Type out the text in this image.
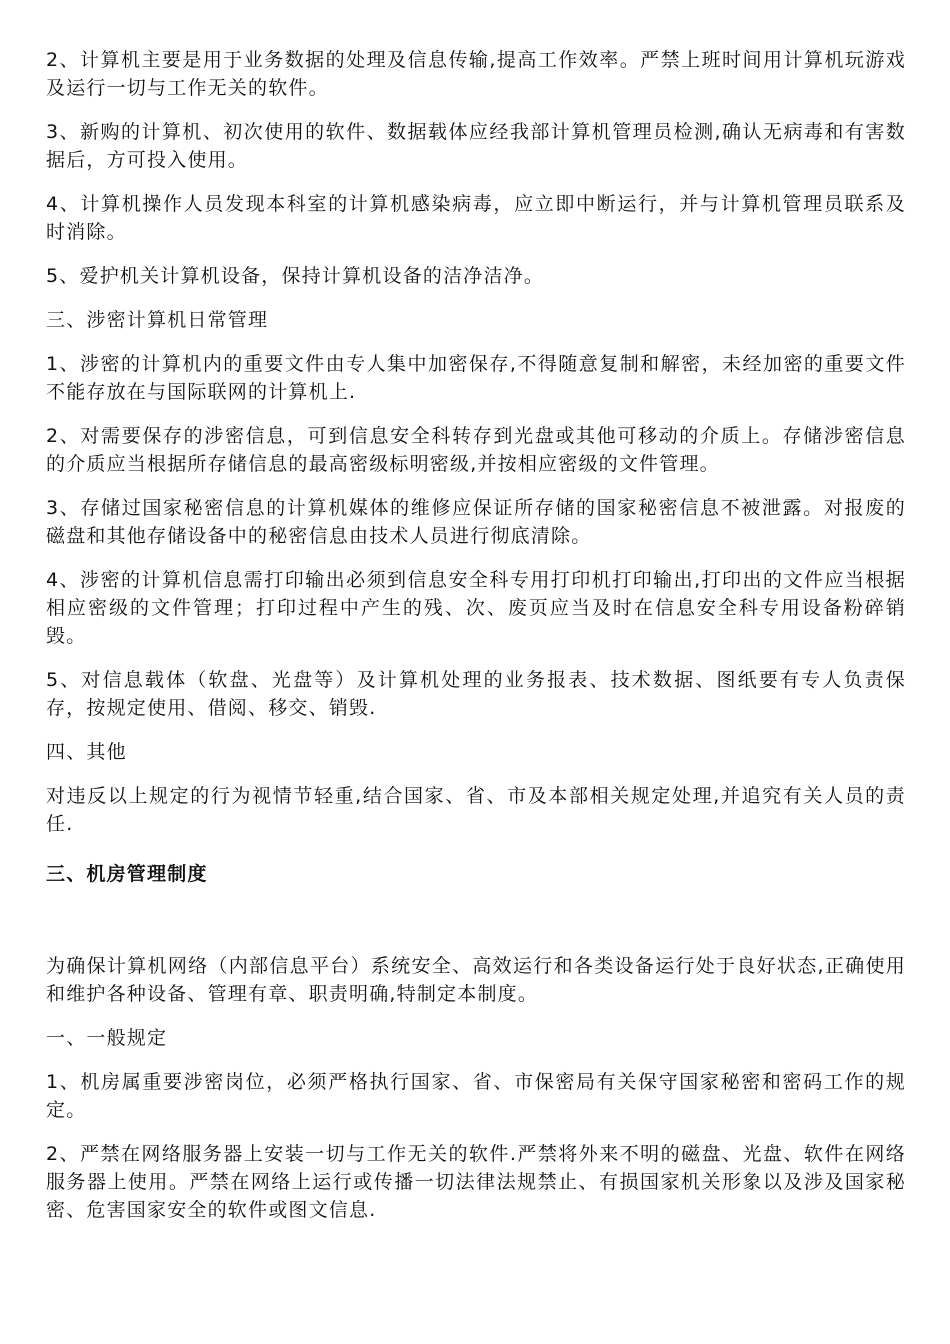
2、计算机主要是用于业务数据的处理及信息传输,提高工作效率。严禁上班时间用计算机玩游戏及运行一切与工作无关的软件。

3、新购的计算机、初次使用的软件、数据载体应经我部计算机管理员检测,确认无病毒和有害数据后，方可投入使用。

4、计算机操作人员发现本科室的计算机感染病毒，应立即中断运行，并与计算机管理员联系及时消除。

5、爱护机关计算机设备，保持计算机设备的洁净洁净。

三、涉密计算机日常管理

1、涉密的计算机内的重要文件由专人集中加密保存,不得随意复制和解密，未经加密的重要文件不能存放在与国际联网的计算机上.

2、对需要保存的涉密信息，可到信息安全科转存到光盘或其他可移动的介质上。存储涉密信息的介质应当根据所存储信息的最高密级标明密级,并按相应密级的文件管理。

3、存储过国家秘密信息的计算机媒体的维修应保证所存储的国家秘密信息不被泄露。对报废的磁盘和其他存储设备中的秘密信息由技术人员进行彻底清除。

4、涉密的计算机信息需打印输出必须到信息安全科专用打印机打印输出,打印出的文件应当根据相应密级的文件管理；打印过程中产生的残、次、废页应当及时在信息安全科专用设备粉碎销毁。

5、对信息载体（软盘、光盘等）及计算机处理的业务报表、技术数据、图纸要有专人负责保存，按规定使用、借阅、移交、销毁.

四、其他

对违反以上规定的行为视情节轻重,结合国家、省、市及本部相关规定处理,并追究有关人员的责任.

三、机房管理制度

为确保计算机网络（内部信息平台）系统安全、高效运行和各类设备运行处于良好状态,正确使用和维护各种设备、管理有章、职责明确,特制定本制度。

一、一般规定

1、机房属重要涉密岗位，必须严格执行国家、省、市保密局有关保守国家秘密和密码工作的规定。

2、严禁在网络服务器上安装一切与工作无关的软件.严禁将外来不明的磁盘、光盘、软件在网络服务器上使用。严禁在网络上运行或传播一切法律法规禁止、有损国家机关形象以及涉及国家秘密、危害国家安全的软件或图文信息.
